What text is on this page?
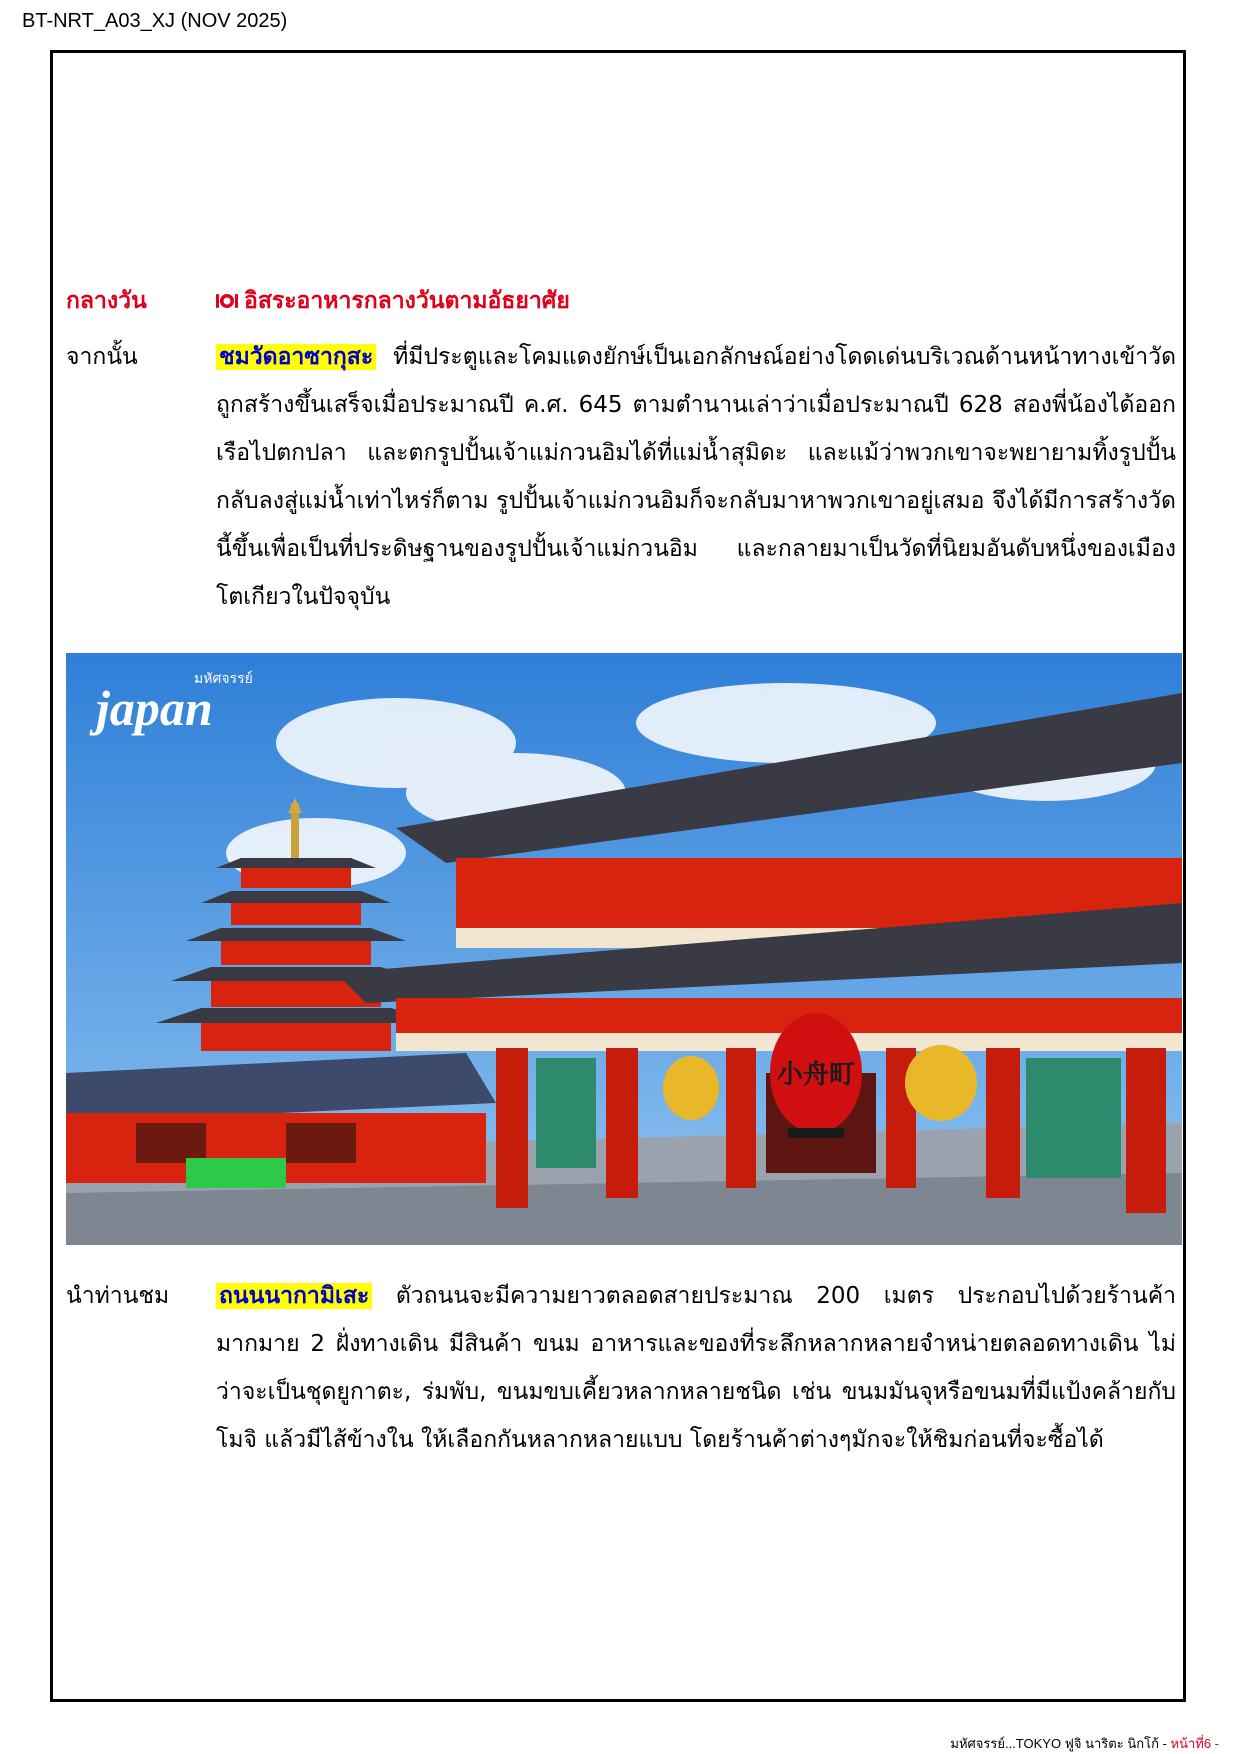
BT-NRT_A03_XJ (NOV 2025)
กลางวัน	อิสระอาหารกลางวันตามอัธยาศัย
จากนั้น	ชมวัดอาซากุสะ ที่มีประตูและโคมแดงยักษ์เป็นเอกลักษณ์อย่างโดดเด่นบริเวณด้านหน้าทางเข้าวัด ถูกสร้างขึ้นเสร็จเมื่อประมาณปี ค.ศ. 645 ตามตำนานเล่าว่าเมื่อประมาณปี 628 สองพี่น้องได้ออกเรือไปตกปลา และตกรูปปั้นเจ้าแม่กวนอิมได้ที่แม่น้ำสุมิดะ และแม้ว่าพวกเขาจะพยายามทิ้งรูปปั้นกลับลงสู่แม่น้ำเท่าไหร่ก็ตาม รูปปั้นเจ้าแม่กวนอิมก็จะกลับมาหาพวกเขาอยู่เสมอ จึงได้มีการสร้างวัดนี้ขึ้นเพื่อเป็นที่ประดิษฐานของรูปปั้นเจ้าแม่กวนอิม และกลายมาเป็นวัดที่นิยมอันดับหนึ่งของเมืองโตเกียวในปัจจุบัน
小舟町
มหัศจรรย์
japan
นำท่านชม	ถนนนากามิเสะ ตัวถนนจะมีความยาวตลอดสายประมาณ 200 เมตร ประกอบไปด้วยร้านค้ามากมาย 2 ฝั่งทางเดิน มีสินค้า ขนม อาหารและของที่ระลึกหลากหลายจำหน่ายตลอดทางเดิน ไม่ว่าจะเป็นชุดยูกาตะ, ร่มพับ, ขนมขบเคี้ยวหลากหลายชนิด เช่น ขนมมันจุหรือขนมที่มีแป้งคล้ายกับโมจิ แล้วมีไส้ข้างใน ให้เลือกกันหลากหลายแบบ โดยร้านค้าต่างๆมักจะให้ชิมก่อนที่จะซื้อได้
มหัศจรรย์...TOKYO ฟูจิ นาริตะ นิกโก้ - หน้าที่6 -
